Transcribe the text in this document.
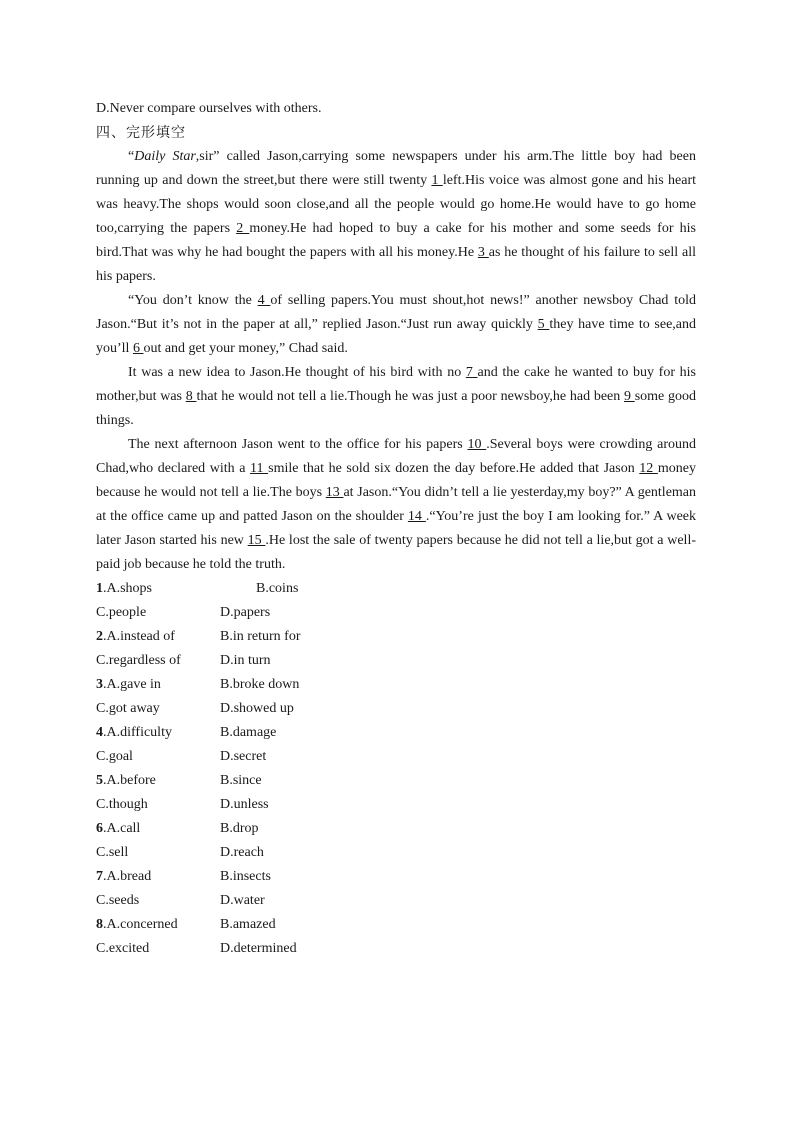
D.Never compare ourselves with others.
四、完形填空

“Daily Star,sir” called Jason,carrying some newspapers under his arm.The little boy had been running up and down the street,but there were still twenty 1 left.His voice was almost gone and his heart was heavy.The shops would soon close,and all the people would go home.He would have to go home too,carrying the papers 2 money.He had hoped to buy a cake for his mother and some seeds for his bird.That was why he had bought the papers with all his money.He 3 as he thought of his failure to sell all his papers.

“You don’t know the 4 of selling papers.You must shout,hot news!” another newsboy Chad told Jason.“But it’s not in the paper at all,” replied Jason.“Just run away quickly 5 they have time to see,and you’ll 6 out and get your money,” Chad said.

It was a new idea to Jason.He thought of his bird with no 7 and the cake he wanted to buy for his mother,but was 8 that he would not tell a lie.Though he was just a poor newsboy,he had been 9 some good things.

The next afternoon Jason went to the office for his papers 10 .Several boys were crowding around Chad,who declared with a 11 smile that he sold six dozen the day before.He added that Jason 12 money because he would not tell a lie.The boys 13 at Jason.“You didn’t tell a lie yesterday,my boy?” A gentleman at the office came up and patted Jason on the shoulder 14 .“You’re just the boy I am looking for.” A week later Jason started his new 15 .He lost the sale of twenty papers because he did not tell a lie,but got a well-paid job because he told the truth.

1.A.shops	B.coins
C.people	D.papers
2.A.instead of	B.in return for
C.regardless of	D.in turn
3.A.gave in	B.broke down
C.got away	D.showed up
4.A.difficulty	B.damage
C.goal	D.secret
5.A.before	B.since
C.though	D.unless
6.A.call	B.drop
C.sell	D.reach
7.A.bread	B.insects
C.seeds	D.water
8.A.concerned	B.amazed
C.excited	D.determined
